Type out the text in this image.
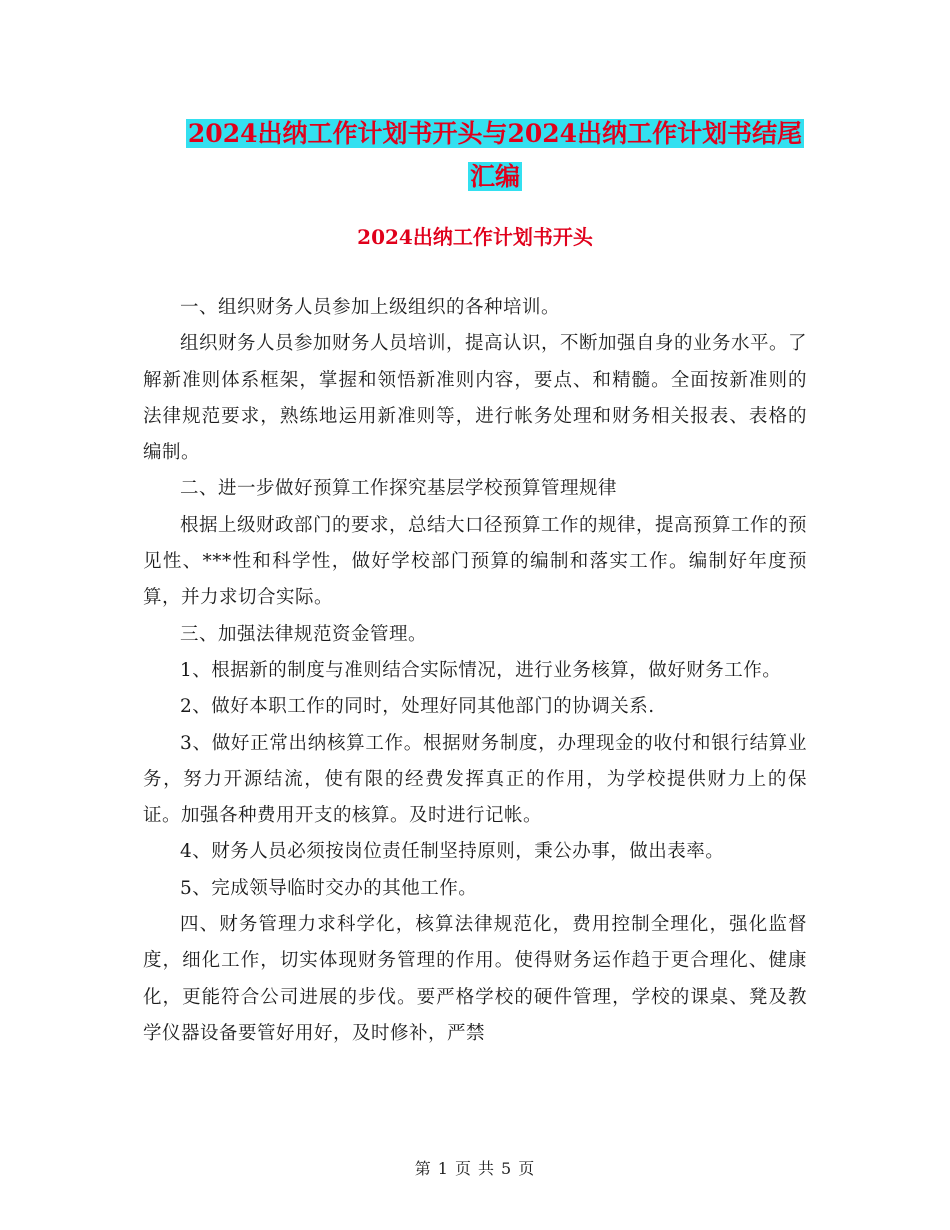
2024出纳工作计划书开头与2024出纳工作计划书结尾
汇编
2024出纳工作计划书开头

一、组织财务人员参加上级组织的各种培训。

组织财务人员参加财务人员培训，提高认识，不断加强自身的业务水平。了解新准则体系框架，掌握和领悟新准则内容，要点、和精髓。全面按新准则的法律规范要求，熟练地运用新准则等，进行帐务处理和财务相关报表、表格的编制。

二、进一步做好预算工作探究基层学校预算管理规律

根据上级财政部门的要求，总结大口径预算工作的规律，提高预算工作的预见性、***性和科学性，做好学校部门预算的编制和落实工作。编制好年度预算，并力求切合实际。

三、加强法律规范资金管理。

1、根据新的制度与准则结合实际情况，进行业务核算，做好财务工作。

2、做好本职工作的同时，处理好同其他部门的协调关系.

3、做好正常出纳核算工作。根据财务制度，办理现金的收付和银行结算业务，努力开源结流，使有限的经费发挥真正的作用，为学校提供财力上的保证。加强各种费用开支的核算。及时进行记帐。

4、财务人员必须按岗位责任制坚持原则，秉公办事，做出表率。

5、完成领导临时交办的其他工作。

四、财务管理力求科学化，核算法律规范化，费用控制全理化，强化监督度，细化工作，切实体现财务管理的作用。使得财务运作趋于更合理化、健康化，更能符合公司进展的步伐。要严格学校的硬件管理，学校的课桌、凳及教学仪器设备要管好用好，及时修补，严禁

第 1 页 共 5 页
